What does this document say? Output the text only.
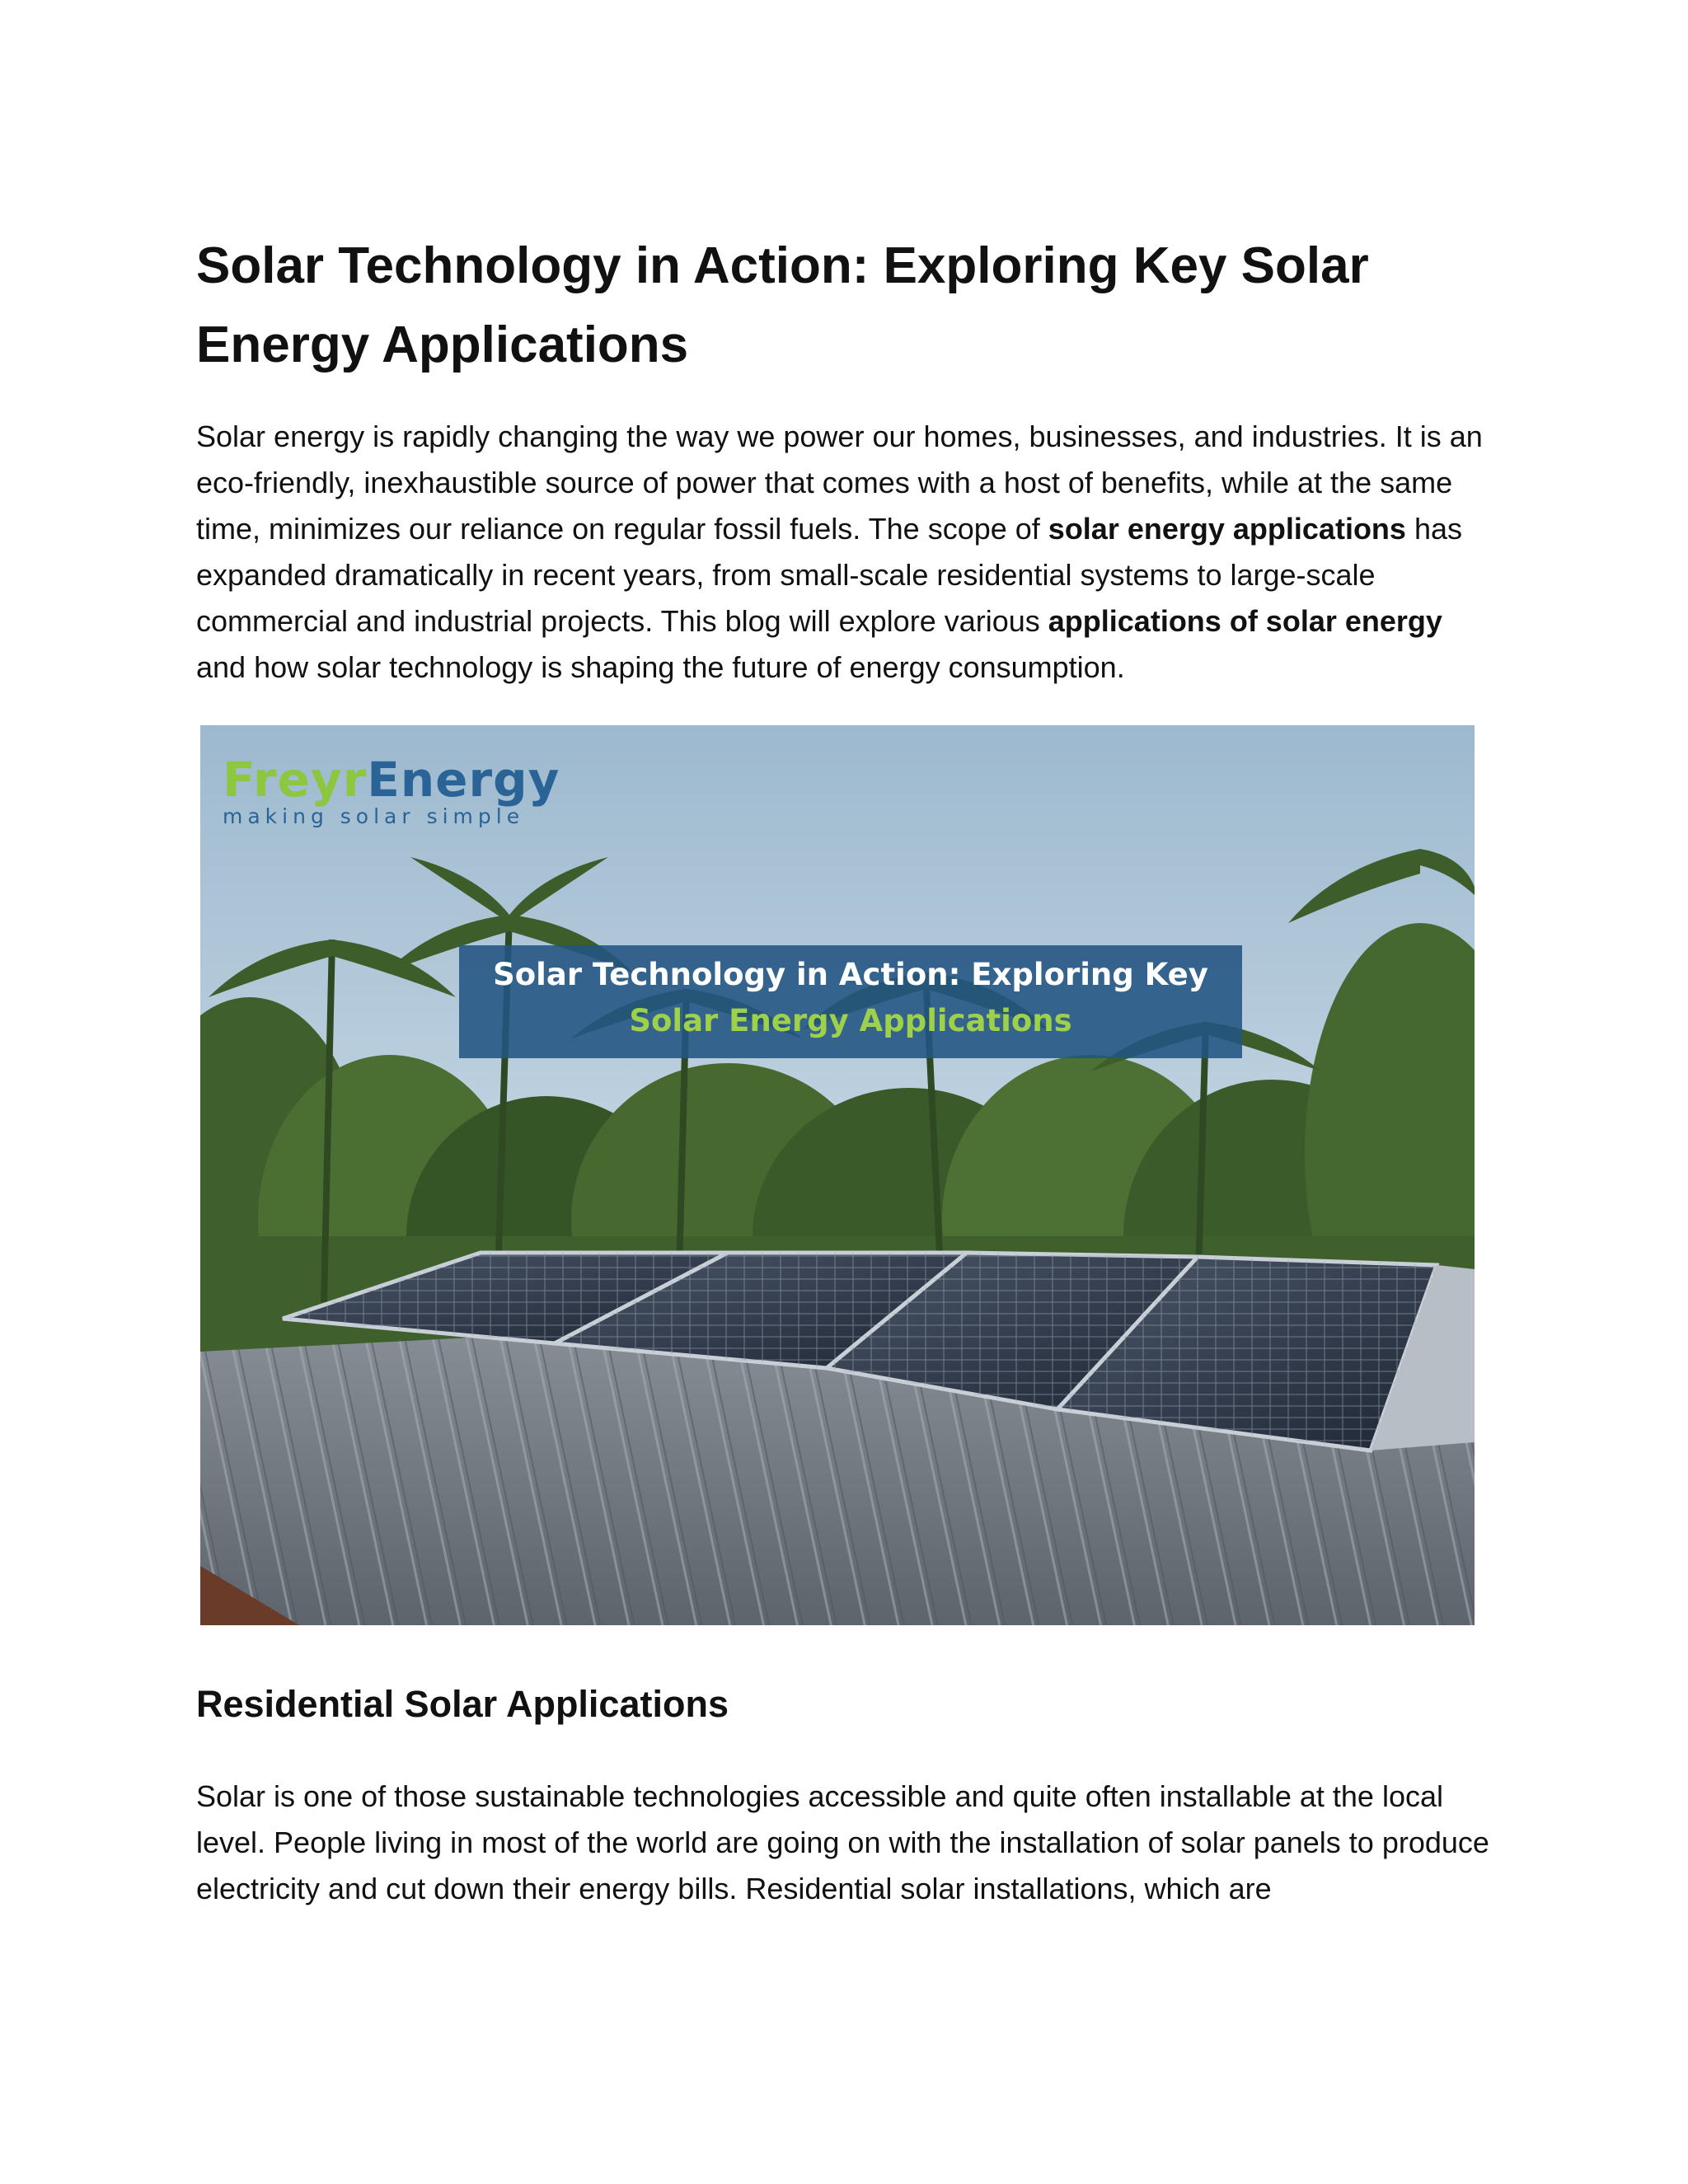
Solar Technology in Action: Exploring Key Solar Energy Applications

Solar energy is rapidly changing the way we power our homes, businesses, and industries. It is an eco-friendly, inexhaustible source of power that comes with a host of benefits, while at the same time, minimizes our reliance on regular fossil fuels. The scope of solar energy applications has expanded dramatically in recent years, from small-scale residential systems to large-scale commercial and industrial projects. This blog will explore various applications of solar energy and how solar technology is shaping the future of energy consumption.

FreyrEnergy
making solar simple
Solar Technology in Action: Exploring Key
Solar Energy Applications
Residential Solar Applications

Solar is one of those sustainable technologies accessible and quite often installable at the local level. People living in most of the world are going on with the installation of solar panels to produce electricity and cut down their energy bills. Residential solar installations, which are
